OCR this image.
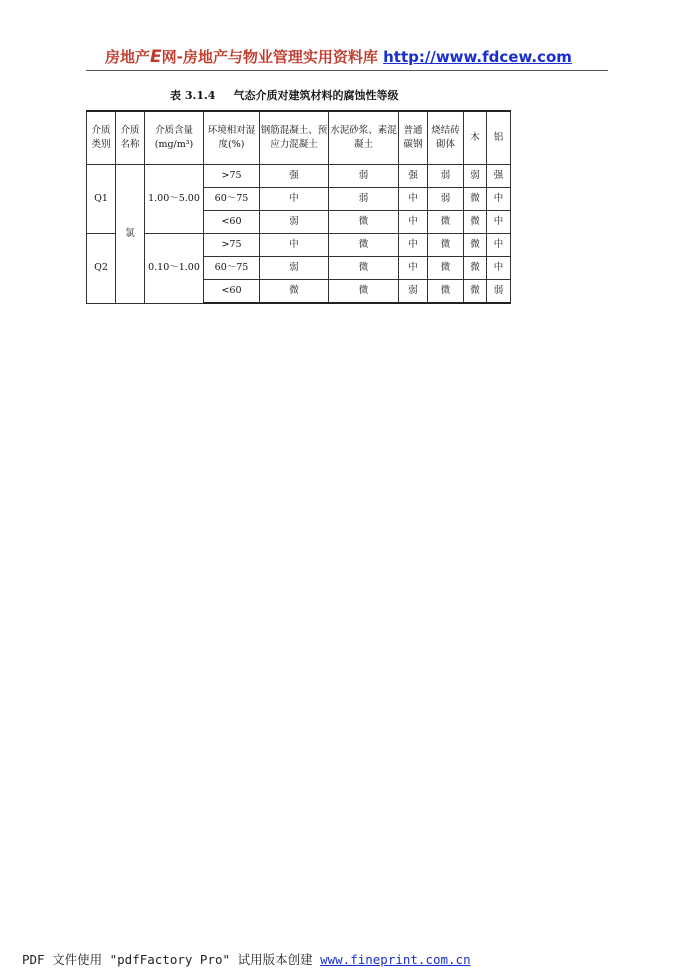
房地产E网-房地产与物业管理实用资料库 http://www.fdcew.com
表 3.1.4 气态介质对建筑材料的腐蚀性等级
介质类别	介质名称	介质含量(mg/m³)	环境相对湿度(%)	钢筋混凝土、预应力混凝土	水泥砂浆、素混凝土	普通碳钢	烧结砖砌体	木	铝
Q1	氯	1.00～5.00	>75	强	弱	强	弱	弱	强
			60～75	中	弱	中	弱	微	中
			<60	弱	微	中	微	微	中
Q2		0.10～1.00	>75	中	微	中	微	微	中
			60～75	弱	微	中	微	微	中
			<60	微	微	弱	微	微	弱
PDF 文件使用 "pdfFactory Pro" 试用版本创建 www.fineprint.com.cn
